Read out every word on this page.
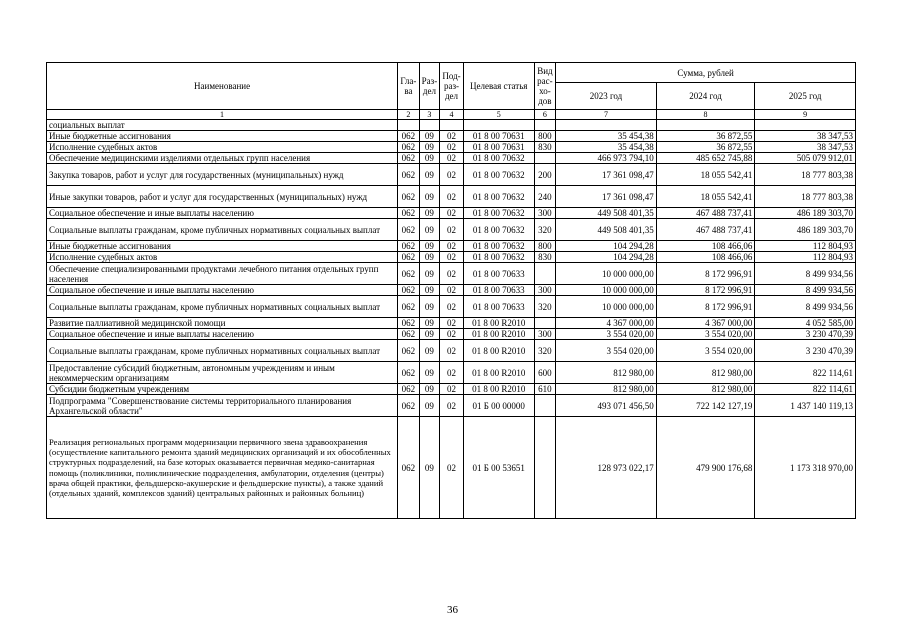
Наименование	Гла-ва	Раз-дел	Под-раз-дел	Целевая статья	Вид рас-хо-дов	Сумма, рублей		
						2023 год	2024 год	2025 год
1	2	3	4	5	6	7	8	9
социальных выплат								
Иные бюджетные ассигнования	062	09	02	01 8 00 70631	800	35 454,38	36 872,55	38 347,53
Исполнение судебных актов	062	09	02	01 8 00 70631	830	35 454,38	36 872,55	38 347,53
Обеспечение медицинскими изделиями отдельных групп населения	062	09	02	01 8 00 70632		466 973 794,10	485 652 745,88	505 079 912,01
Закупка товаров, работ и услуг для государственных (муниципальных) нужд	062	09	02	01 8 00 70632	200	17 361 098,47	18 055 542,41	18 777 803,38
Иные закупки товаров, работ и услуг для государственных (муниципальных) нужд	062	09	02	01 8 00 70632	240	17 361 098,47	18 055 542,41	18 777 803,38
Социальное обеспечение и иные выплаты населению	062	09	02	01 8 00 70632	300	449 508 401,35	467 488 737,41	486 189 303,70
Социальные выплаты гражданам, кроме публичных нормативных социальных выплат	062	09	02	01 8 00 70632	320	449 508 401,35	467 488 737,41	486 189 303,70
Иные бюджетные ассигнования	062	09	02	01 8 00 70632	800	104 294,28	108 466,06	112 804,93
Исполнение судебных актов	062	09	02	01 8 00 70632	830	104 294,28	108 466,06	112 804,93
Обеспечение специализированными продуктами лечебного питания отдельных групп населения	062	09	02	01 8 00 70633		10 000 000,00	8 172 996,91	8 499 934,56
Социальное обеспечение и иные выплаты населению	062	09	02	01 8 00 70633	300	10 000 000,00	8 172 996,91	8 499 934,56
Социальные выплаты гражданам, кроме публичных нормативных социальных выплат	062	09	02	01 8 00 70633	320	10 000 000,00	8 172 996,91	8 499 934,56
Развитие паллиативной медицинской помощи	062	09	02	01 8 00 R2010		4 367 000,00	4 367 000,00	4 052 585,00
Социальное обеспечение и иные выплаты населению	062	09	02	01 8 00 R2010	300	3 554 020,00	3 554 020,00	3 230 470,39
Социальные выплаты гражданам, кроме публичных нормативных социальных выплат	062	09	02	01 8 00 R2010	320	3 554 020,00	3 554 020,00	3 230 470,39
Предоставление субсидий бюджетным, автономным учреждениям и иным некоммерческим организациям	062	09	02	01 8 00 R2010	600	812 980,00	812 980,00	822 114,61
Субсидии бюджетным учреждениям	062	09	02	01 8 00 R2010	610	812 980,00	812 980,00	822 114,61
Подпрограмма "Совершенствование системы территориального планирования Архангельской области"	062	09	02	01 Б 00 00000		493 071 456,50	722 142 127,19	1 437 140 119,13
Реализация региональных программ модернизации первичного звена здравоохранения (осуществление капитального ремонта зданий медицинских организаций и их обособленных структурных подразделений, на базе которых оказывается первичная медико-санитарная помощь (поликлиники, поликлинические подразделения, амбулатории, отделения (центры) врача общей практики, фельдшерско-акушерские и фельдшерские пункты), а также зданий (отдельных зданий, комплексов зданий) центральных районных и районных больниц)	062	09	02	01 Б 00 53651		128 973 022,17	479 900 176,68	1 173 318 970,00
36
